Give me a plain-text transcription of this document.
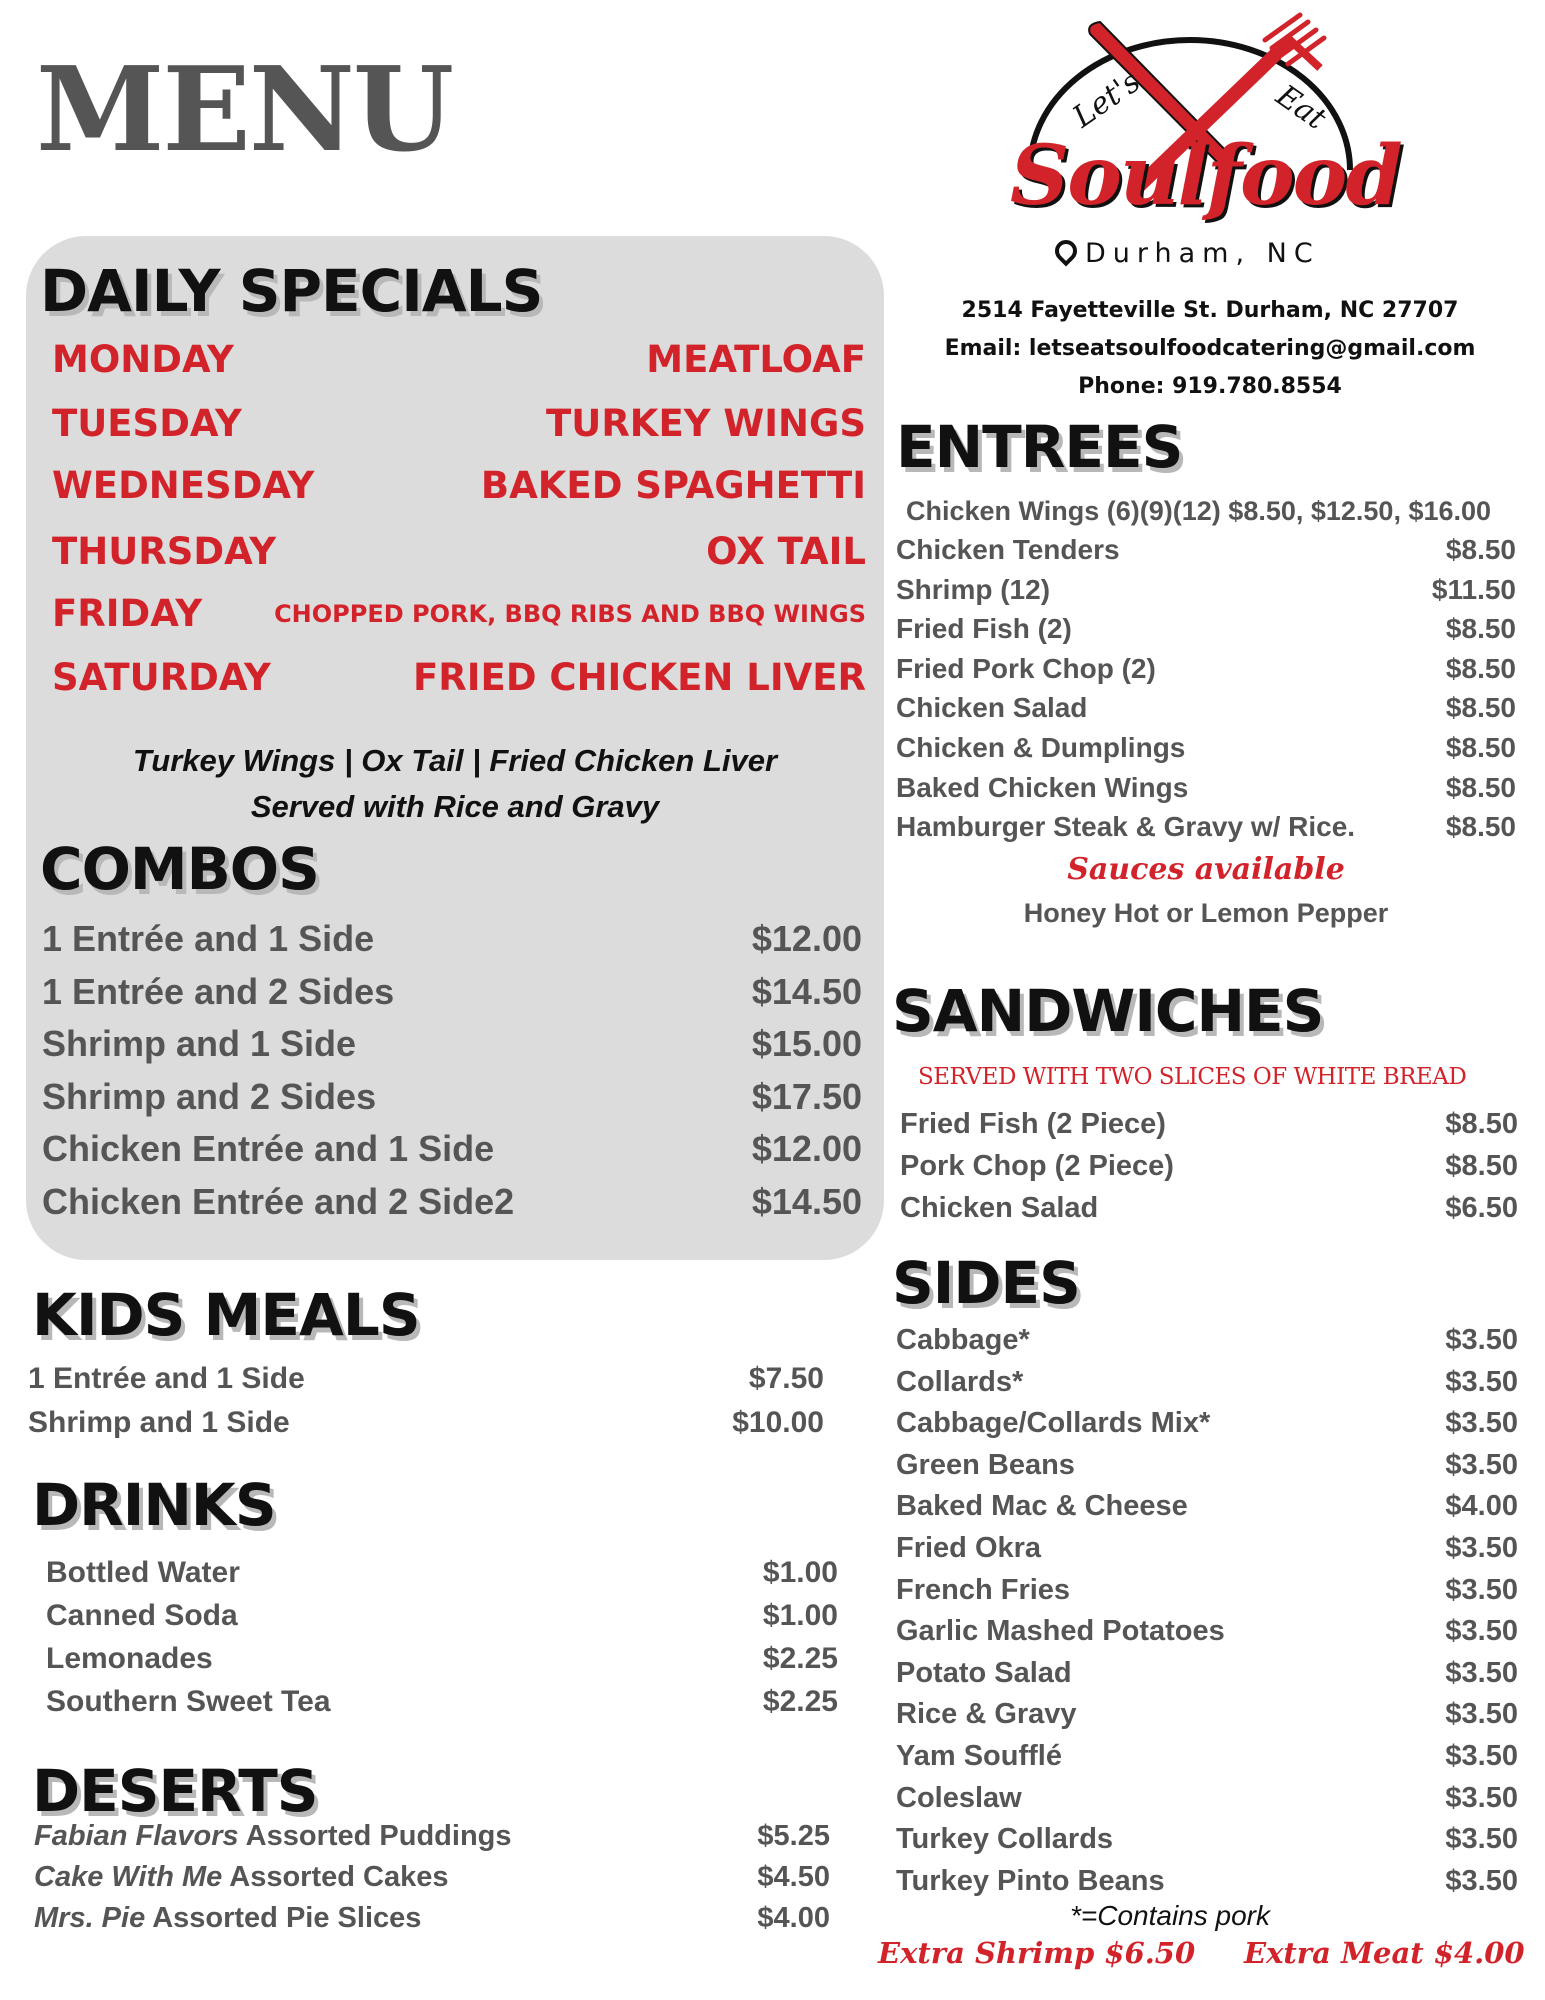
MENU	Let's	Eat
Soulfood
Durham, NC
2514 Fayetteville St. Durham, NC 27707
Email: letseatsoulfoodcatering@gmail.com
Phone: 919.780.8554
DAILY SPECIALS
MONDAY	MEATLOAF
TUESDAY	TURKEY WINGS
WEDNESDAY	BAKED SPAGHETTI
THURSDAY	OX TAIL
FRIDAY	CHOPPED PORK, BBQ RIBS AND BBQ WINGS
SATURDAY	FRIED CHICKEN LIVER
Turkey Wings | Ox Tail | Fried Chicken Liver
Served with Rice and Gravy
COMBOS
1 Entrée and 1 Side	$12.00
1 Entrée and 2 Sides	$14.50
Shrimp and 1 Side	$15.00
Shrimp and 2 Sides	$17.50
Chicken Entrée and 1 Side	$12.00
Chicken Entrée and 2 Side2	$14.50
KIDS MEALS
1 Entrée and 1 Side	$7.50
Shrimp and 1 Side	$10.00
DRINKS
Bottled Water	$1.00
Canned Soda	$1.00
Lemonades	$2.25
Southern Sweet Tea	$2.25
DESERTS
Fabian Flavors Assorted Puddings	$5.25
Cake With Me Assorted Cakes	$4.50
Mrs. Pie Assorted Pie Slices	$4.00
ENTREES
Chicken Wings (6)(9)(12) $8.50, $12.50, $16.00
Chicken Tenders	$8.50
Shrimp (12)	$11.50
Fried Fish (2)	$8.50
Fried Pork Chop (2)	$8.50
Chicken Salad	$8.50
Chicken & Dumplings	$8.50
Baked Chicken Wings	$8.50
Hamburger Steak & Gravy w/ Rice.	$8.50
Sauces available
Honey Hot or Lemon Pepper
SANDWICHES
SERVED WITH TWO SLICES OF WHITE BREAD
Fried Fish (2 Piece)	$8.50
Pork Chop (2 Piece)	$8.50
Chicken Salad	$6.50
SIDES
Cabbage*	$3.50
Collards*	$3.50
Cabbage/Collards Mix*	$3.50
Green Beans	$3.50
Baked Mac & Cheese	$4.00
Fried Okra	$3.50
French Fries	$3.50
Garlic Mashed Potatoes	$3.50
Potato Salad	$3.50
Rice & Gravy	$3.50
Yam Soufflé	$3.50
Coleslaw	$3.50
Turkey Collards	$3.50
Turkey Pinto Beans	$3.50
*=Contains pork
Extra Shrimp $6.50 Extra Meat $4.00
